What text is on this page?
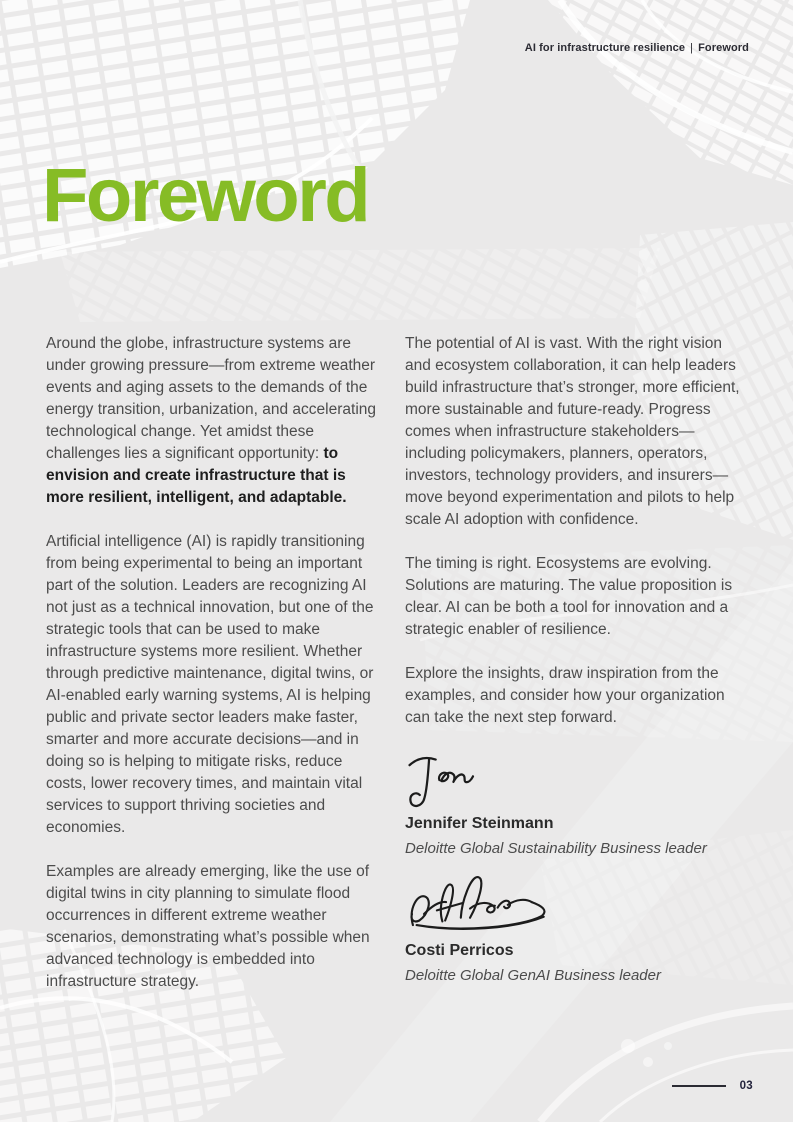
AI for infrastructure resilience | Foreword
Foreword

Around the globe, infrastructure systems are under growing pressure—from extreme weather events and aging assets to the demands of the energy transition, urbanization, and accelerating technological change. Yet amidst these challenges lies a significant opportunity: to envision and create infrastructure that is more resilient, intelligent, and adaptable.

Artificial intelligence (AI) is rapidly transitioning from being experimental to being an important part of the solution. Leaders are recognizing AI not just as a technical innovation, but one of the strategic tools that can be used to make infrastructure systems more resilient. Whether through predictive maintenance, digital twins, or AI-enabled early warning systems, AI is helping public and private sector leaders make faster, smarter and more accurate decisions—and in doing so is helping to mitigate risks, reduce costs, lower recovery times, and maintain vital services to support thriving societies and economies.

Examples are already emerging, like the use of digital twins in city planning to simulate flood occurrences in different extreme weather scenarios, demonstrating what’s possible when advanced technology is embedded into infrastructure strategy.

The potential of AI is vast. With the right vision and ecosystem collaboration, it can help leaders build infrastructure that’s stronger, more efficient, more sustainable and future-ready. Progress comes when infrastructure stakeholders—including policymakers, planners, operators, investors, technology providers, and insurers—move beyond experimentation and pilots to help scale AI adoption with confidence.

The timing is right. Ecosystems are evolving. Solutions are maturing. The value proposition is clear. AI can be both a tool for innovation and a strategic enabler of resilience.

Explore the insights, draw inspiration from the examples, and consider how your organization can take the next step forward.

Jennifer Steinmann
Deloitte Global Sustainability Business leader
Costi Perricos
Deloitte Global GenAI Business leader
03
